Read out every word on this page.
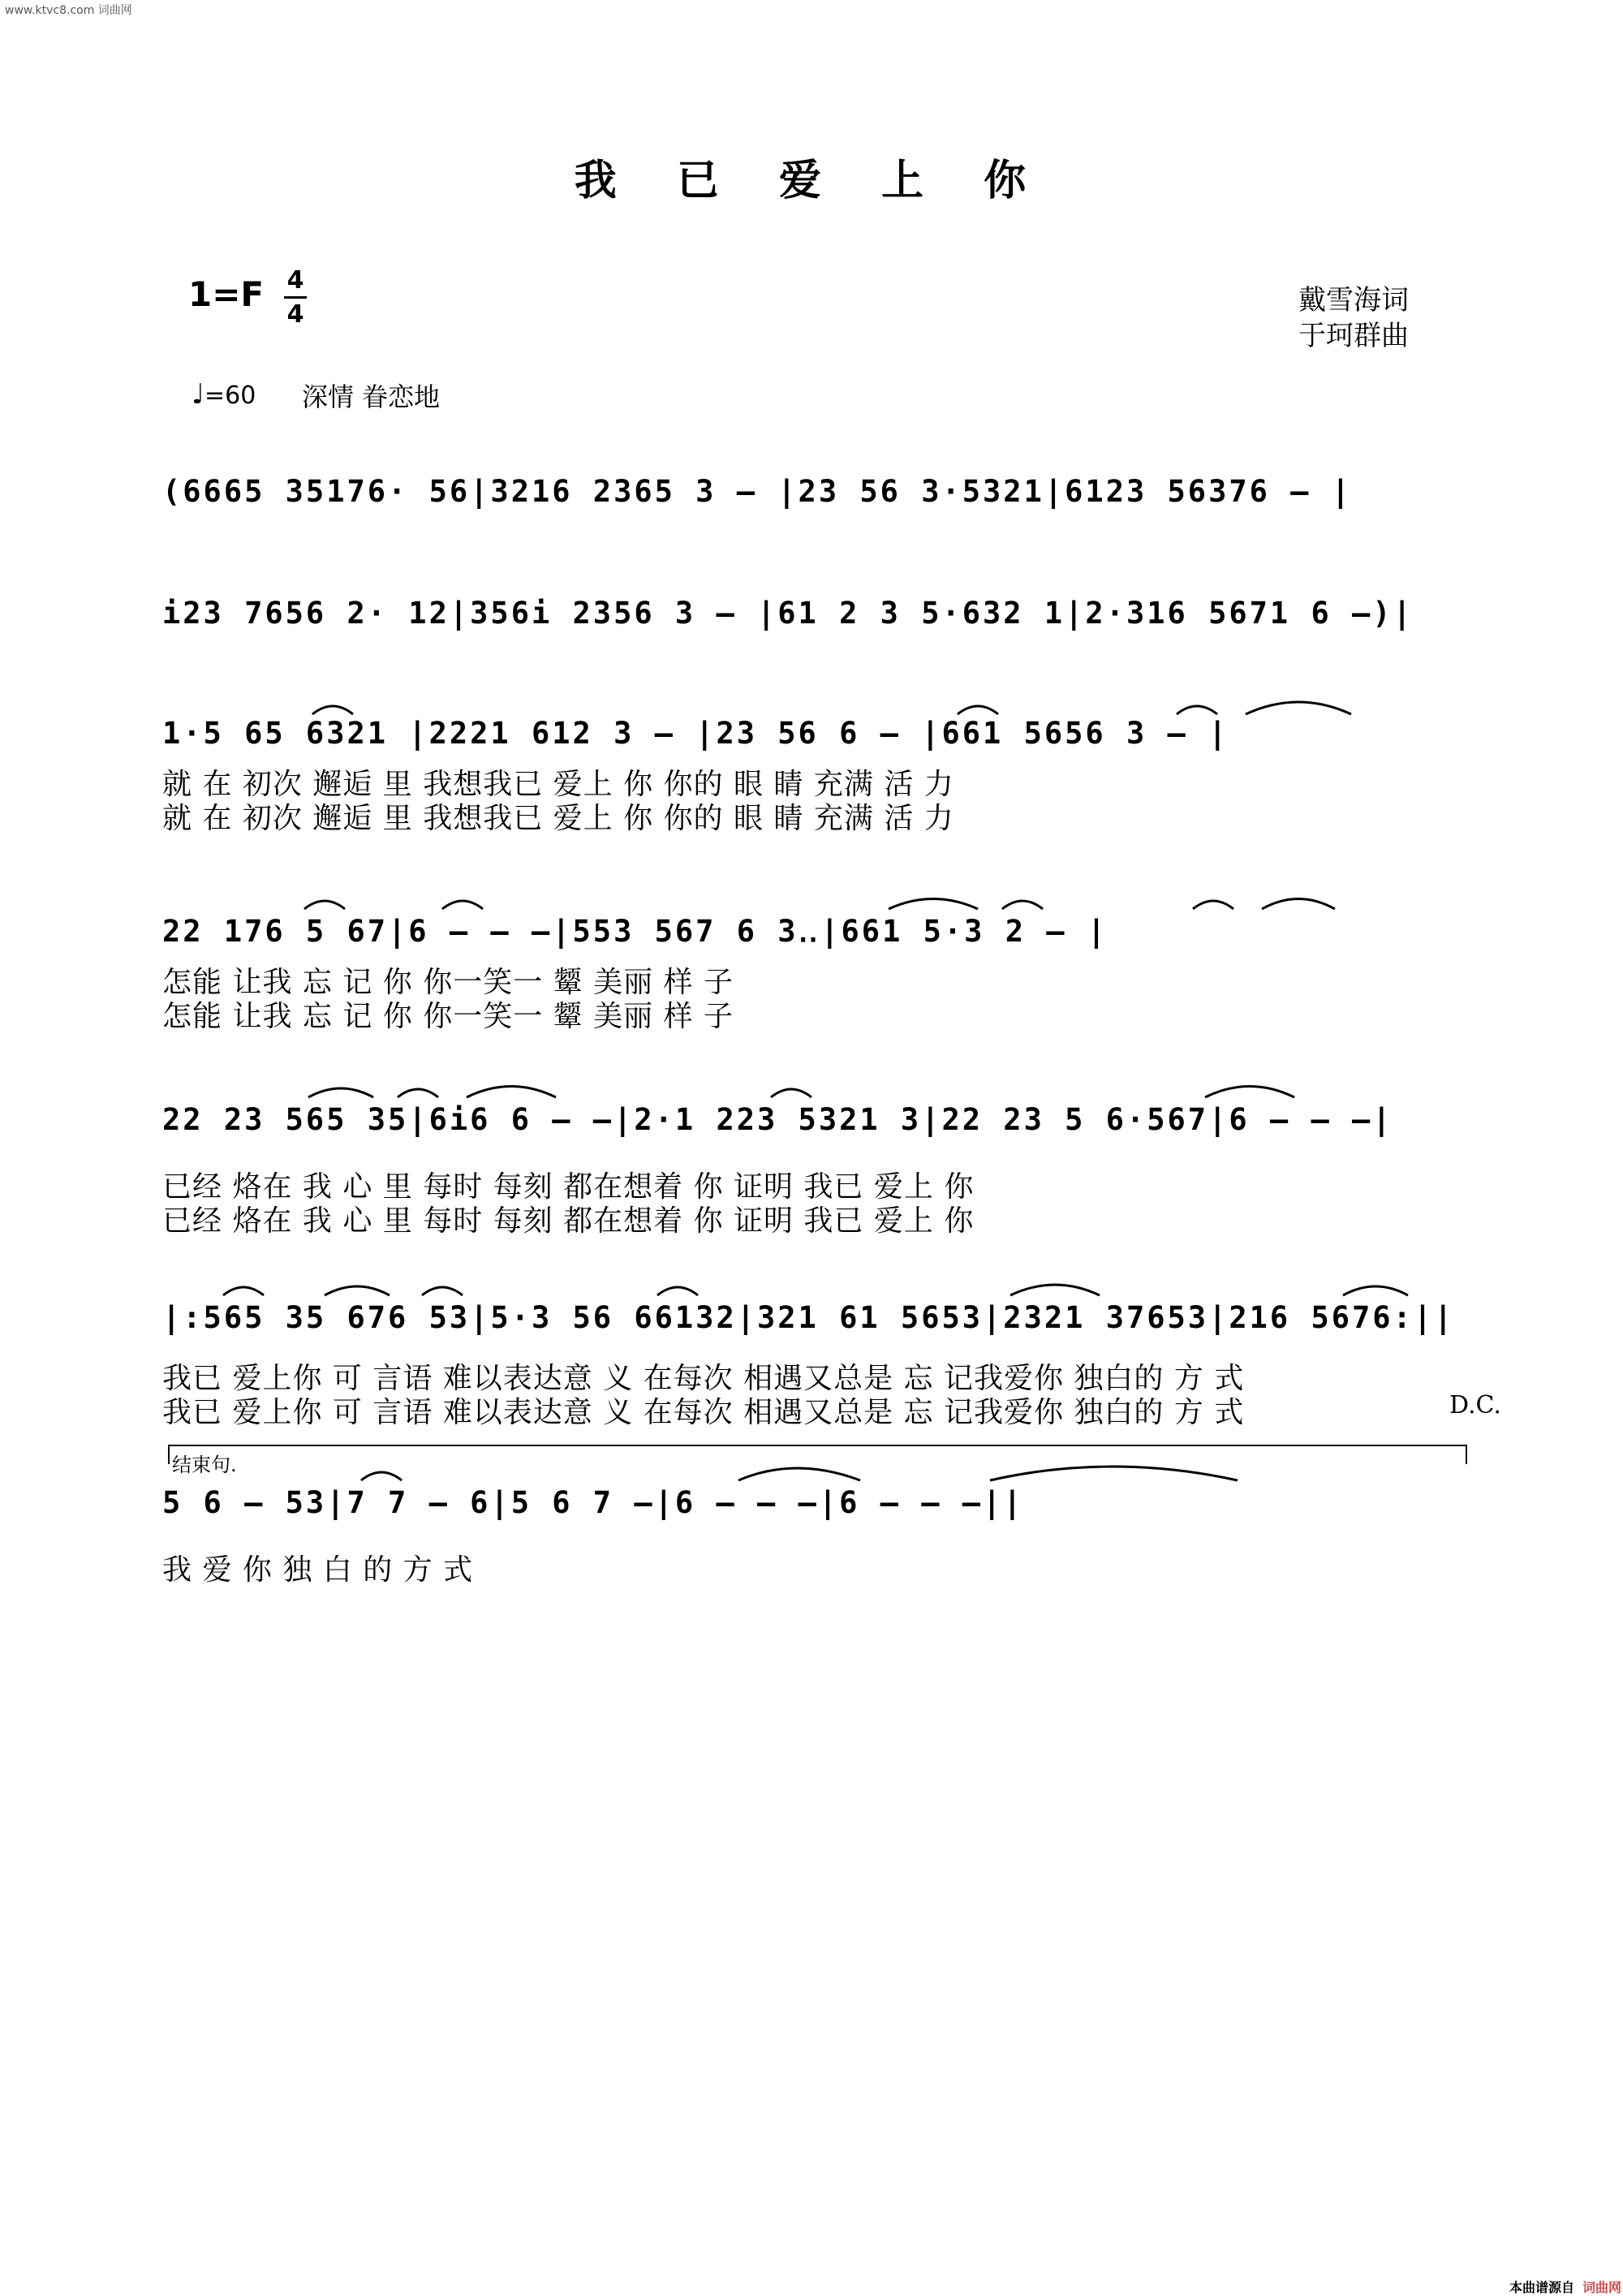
www.ktvc8.com 词曲网
我 已 爱 上 你
1=F 4
4	戴雪海词
于珂群曲
♩=60 深情 眷恋地
(6665 35176· 56|3216 2365 3 – |23 56 3·5321|6123 56376 – |
i23 7656 2· 12|356i 2356 3 – |61 2 3 5·632 1|2·316 5671 6 –)|
1·5 65 6321 |2221 612 3 – |23 56 6 – |661 5656 3 – |
就 在 初次 邂逅 里 我想我已 爱上 你 你的 眼 睛 充满 活 力
就 在 初次 邂逅 里 我想我已 爱上 你 你的 眼 睛 充满 活 力
22 176 5 67|6 – – –|553 567 6 3‥|661 5·3 2 – |
怎能 让我 忘 记 你 你一笑一 颦 美丽 样 子
怎能 让我 忘 记 你 你一笑一 颦 美丽 样 子
22 23 565 35|6i6 6 – –|2·1 223 5321 3|22 23 5 6·567|6 – – –|
已经 烙在 我 心 里 每时 每刻 都在想着 你 证明 我已 爱上 你
已经 烙在 我 心 里 每时 每刻 都在想着 你 证明 我已 爱上 你
|:565 35 676 53|5·3 56 66132|321 61 5653|2321 37653|216 5676:||
我已 爱上你 可 言语 难以表达意 义 在每次 相遇又总是 忘 记我爱你 独白的 方 式
我已 爱上你 可 言语 难以表达意 义 在每次 相遇又总是 忘 记我爱你 独白的 方 式	D.C.
结束句.
5 6 – 53|7 7 – 6|5 6 7 –|6 – – –|6 – – –||
我 爱 你 独 白 的 方 式
本曲谱源自 词曲网
